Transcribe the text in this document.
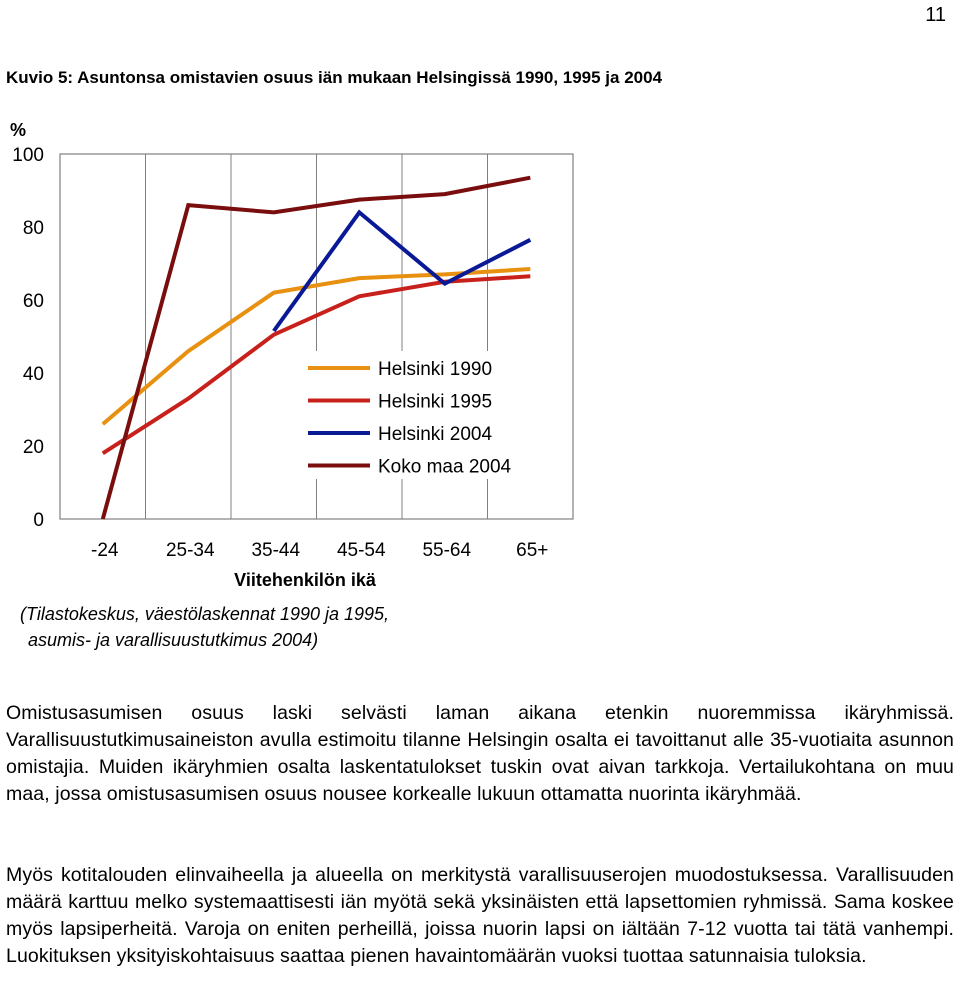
11
Kuvio 5: Asuntonsa omistavien osuus iän mukaan Helsingissä 1990, 1995 ja 2004
%
0
20
40
60
80
100
-24 25-34 35-44 45-54 55-64 65+
Helsinki 1990
Helsinki 1995
Helsinki 2004
Koko maa 2004
Viitehenkilön ikä
(Tilastokeskus, väestölaskennat 1990 ja 1995,
asumis- ja varallisuustutkimus 2004)

Omistusasumisen osuus laski selvästi laman aikana etenkin nuoremmissa ikäryhmissä. Varallisuustutkimusaineiston avulla estimoitu tilanne Helsingin osalta ei tavoittanut alle 35-vuotiaita asunnon omistajia. Muiden ikäryhmien osalta laskentatulokset tuskin ovat aivan tarkkoja. Vertailukohtana on muu maa, jossa omistusasumisen osuus nousee korkealle lukuun ottamatta nuorinta ikäryhmää.

Myös kotitalouden elinvaiheella ja alueella on merkitystä varallisuuserojen muodostuksessa. Varallisuuden määrä karttuu melko systemaattisesti iän myötä sekä yksinäisten että lapsettomien ryhmissä. Sama koskee myös lapsiperheitä. Varoja on eniten perheillä, joissa nuorin lapsi on iältään 7-12 vuotta tai tätä vanhempi. Luokituksen yksityiskohtaisuus saattaa pienen havaintomäärän vuoksi tuottaa satunnaisia tuloksia.
